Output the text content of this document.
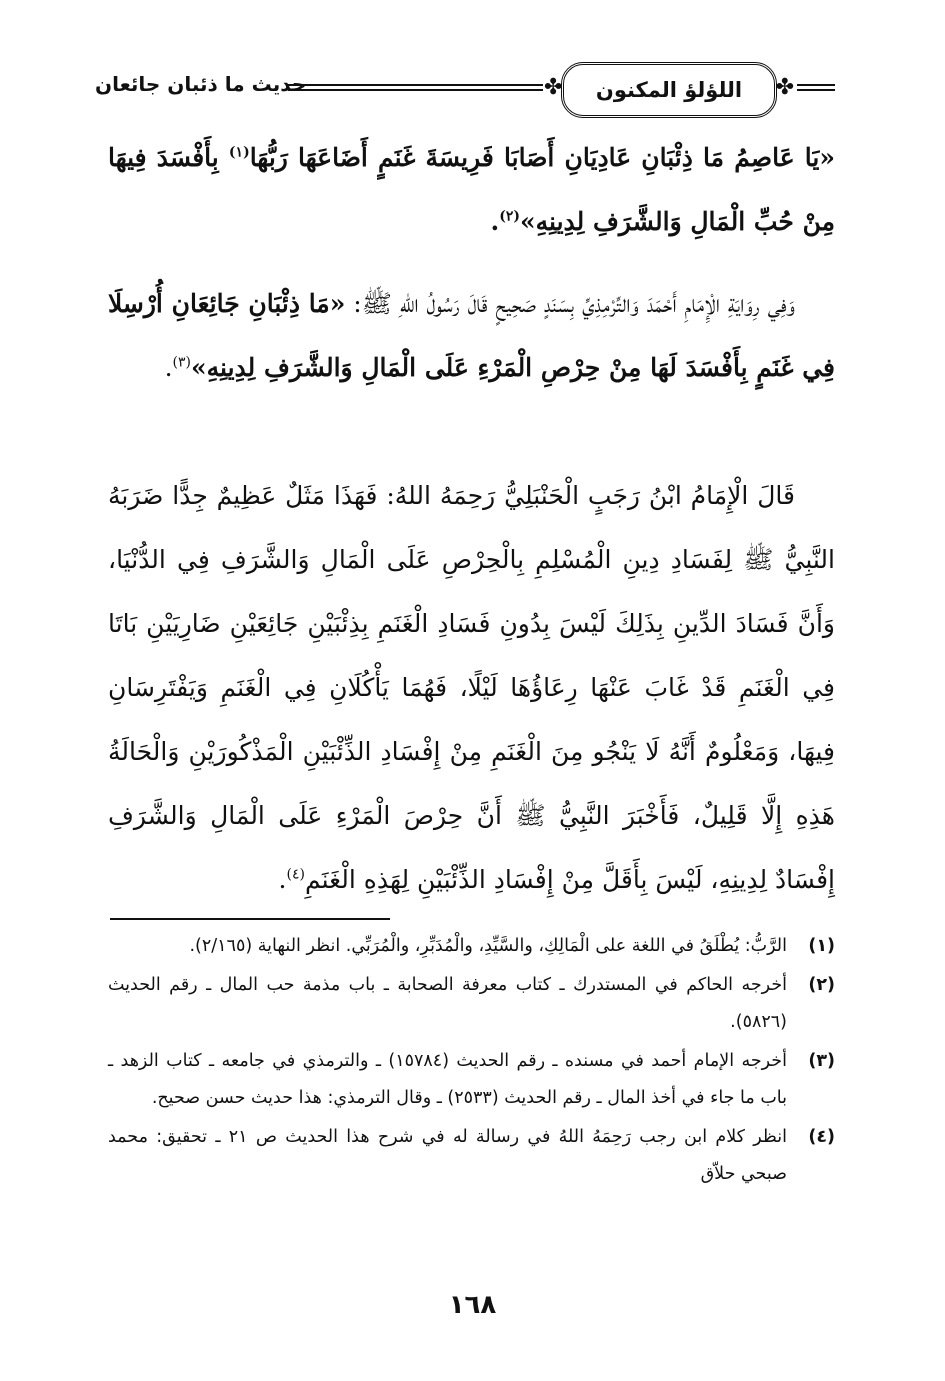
✤ اللؤلؤ المكنون
✤
حديث ما ذئبان جائعان

«يَا عَاصِمُ مَا ذِئْبَانِ عَادِيَانِ أَصَابَا فَرِيسَةَ غَنَمٍ أَضَاعَهَا رَبُّهَا$^{(١)}$ بِأَفْسَدَ فِيهَا مِنْ حُبِّ الْمَالِ وَالشَّرَفِ لِدِينِهِ»$^{(٢)}$.

وَفِي رِوَايَةِ الْإِمَامِ أَحْمَدَ وَالتِّرْمِذِيِّ بِسَنَدٍ صَحِيحٍ قَالَ رَسُولُ اللهِ ﷺ: «مَا ذِئْبَانِ جَائِعَانِ أُرْسِلَا فِي غَنَمٍ بِأَفْسَدَ لَهَا مِنْ حِرْصِ الْمَرْءِ عَلَى الْمَالِ وَالشَّرَفِ لِدِينِهِ»$^{(٣)}$.

قَالَ الْإِمَامُ ابْنُ رَجَبٍ الْحَنْبَلِيُّ رَحِمَهُ اللهُ: فَهَذَا مَثَلٌ عَظِيمٌ جِدًّا ضَرَبَهُ النَّبِيُّ ﷺ لِفَسَادِ دِينِ الْمُسْلِمِ بِالْحِرْصِ عَلَى الْمَالِ وَالشَّرَفِ فِي الدُّنْيَا، وَأَنَّ فَسَادَ الدِّينِ بِذَلِكَ لَيْسَ بِدُونِ فَسَادِ الْغَنَمِ بِذِئْبَيْنِ جَائِعَيْنِ ضَارِيَيْنِ بَاتَا فِي الْغَنَمِ قَدْ غَابَ عَنْهَا رِعَاؤُهَا لَيْلًا، فَهُمَا يَأْكُلَانِ فِي الْغَنَمِ وَيَفْتَرِسَانِ فِيهَا، وَمَعْلُومٌ أَنَّهُ لَا يَنْجُو مِنَ الْغَنَمِ مِنْ إِفْسَادِ الذِّئْبَيْنِ الْمَذْكُورَيْنِ وَالْحَالَةُ هَذِهِ إِلَّا قَلِيلٌ، فَأَخْبَرَ النَّبِيُّ ﷺ أَنَّ حِرْصَ الْمَرْءِ عَلَى الْمَالِ وَالشَّرَفِ إِفْسَادٌ لِدِينِهِ، لَيْسَ بِأَقَلَّ مِنْ إِفْسَادِ الذِّئْبَيْنِ لِهَذِهِ الْغَنَمِ$^{(٤)}$.

(١)
الرَّبُّ: يُطْلَقُ في اللغة على الْمَالِكِ، والسَّيِّدِ، والْمُدَبِّرِ، والْمُرَبِّي. انظر النهاية (٢/١٦٥).
(٢)
أخرجه الحاكم في المستدرك ـ كتاب معرفة الصحابة ـ باب مذمة حب المال ـ رقم الحديث (٥٨٢٦).
(٣)
أخرجه الإمام أحمد في مسنده ـ رقم الحديث (١٥٧٨٤) ـ والترمذي في جامعه ـ كتاب الزهد ـ باب ما جاء في أخذ المال ـ رقم الحديث (٢٥٣٣) ـ وقال الترمذي: هذا حديث حسن صحيح.
(٤)
انظر كلام ابن رجب رَحِمَهُ اللهُ في رسالة له في شرح هذا الحديث ص ٢١ ـ تحقيق: محمد صبحي حلاّق
١٦٨
